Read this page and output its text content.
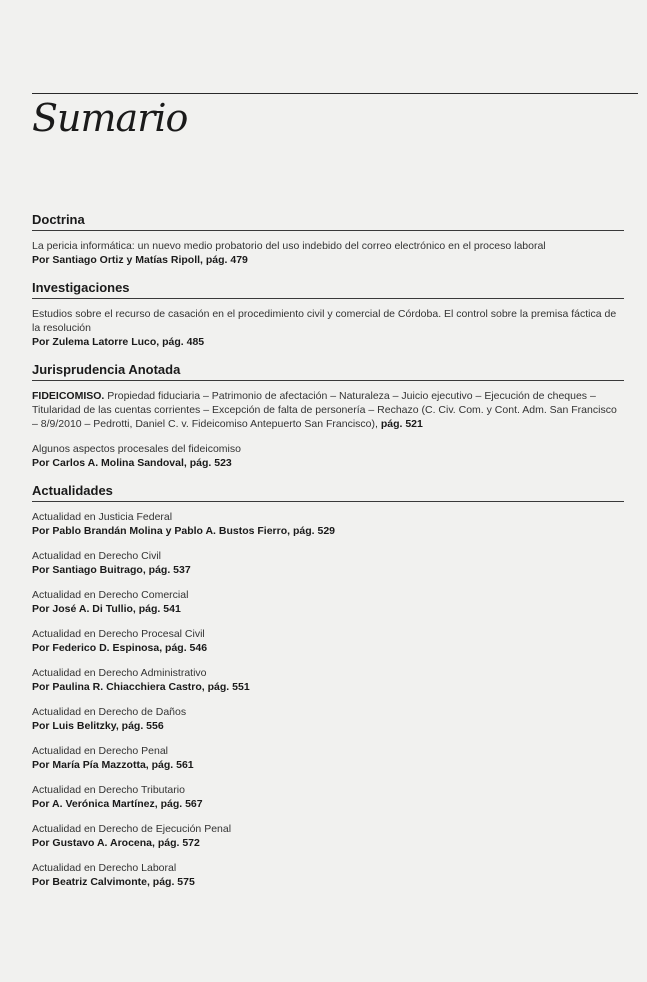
Sumario
Doctrina
La pericia informática: un nuevo medio probatorio del uso indebido del correo electrónico en el proceso laboral
Por Santiago Ortiz y Matías Ripoll, pág. 479
Investigaciones
Estudios sobre el recurso de casación en el procedimiento civil y comercial de Córdoba. El control sobre la premisa fáctica de la resolución
Por Zulema Latorre Luco, pág. 485
Jurisprudencia Anotada
FIDEICOMISO. Propiedad fiduciaria – Patrimonio de afectación – Naturaleza – Juicio ejecutivo – Ejecución de cheques – Titularidad de las cuentas corrientes – Excepción de falta de personería – Rechazo (C. Civ. Com. y Cont. Adm. San Francisco – 8/9/2010 – Pedrotti, Daniel C. v. Fideicomiso Antepuerto San Francisco), pág. 521
Algunos aspectos procesales del fideicomiso
Por Carlos A. Molina Sandoval, pág. 523
Actualidades
Actualidad en Justicia Federal
Por Pablo Brandán Molina y Pablo A. Bustos Fierro, pág. 529
Actualidad en Derecho Civil
Por Santiago Buitrago, pág. 537
Actualidad en Derecho Comercial
Por José A. Di Tullio, pág. 541
Actualidad en Derecho Procesal Civil
Por Federico D. Espinosa, pág. 546
Actualidad en Derecho Administrativo
Por Paulina R. Chiacchiera Castro, pág. 551
Actualidad en Derecho de Daños
Por Luis Belitzky, pág. 556
Actualidad en Derecho Penal
Por María Pía Mazzotta, pág. 561
Actualidad en Derecho Tributario
Por A. Verónica Martínez, pág. 567
Actualidad en Derecho de Ejecución Penal
Por Gustavo A. Arocena, pág. 572
Actualidad en Derecho Laboral
Por Beatriz Calvimonte, pág. 575
